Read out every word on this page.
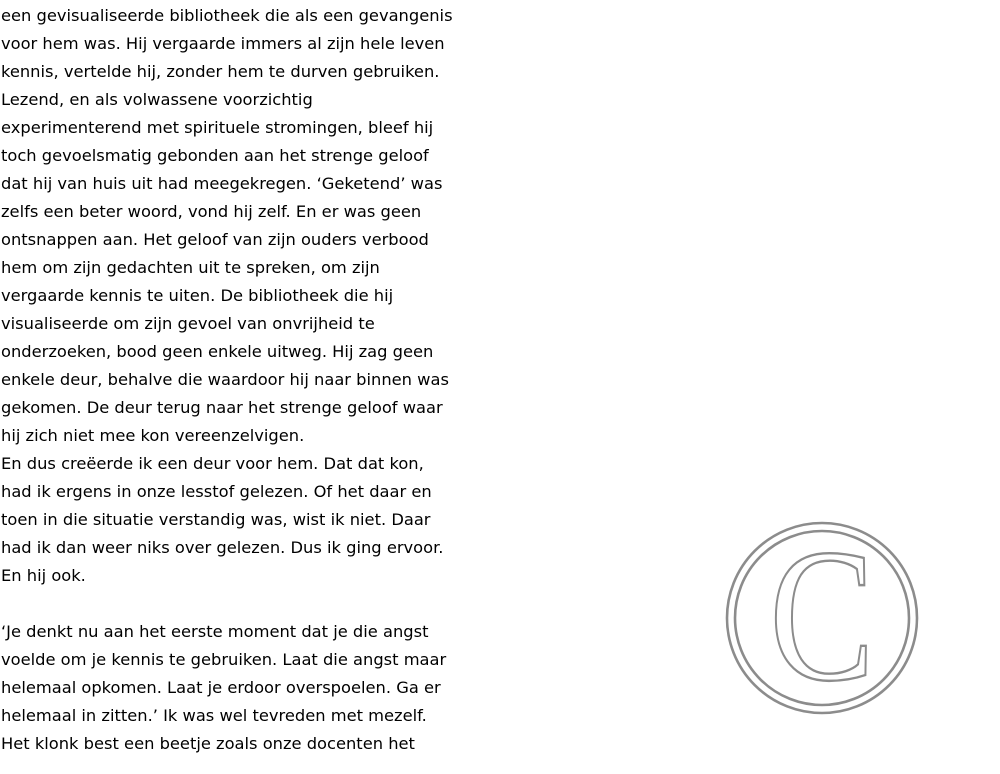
een gevisualiseerde bibliotheek die als een gevangenis
voor hem was. Hij vergaarde immers al zijn hele leven
kennis, vertelde hij, zonder hem te durven gebruiken.
Lezend, en als volwassene voorzichtig
experimenterend met spirituele stromingen, bleef hij
toch gevoelsmatig gebonden aan het strenge geloof
dat hij van huis uit had meegekregen. ‘Geketend’ was
zelfs een beter woord, vond hij zelf. En er was geen
ontsnappen aan. Het geloof van zijn ouders verbood
hem om zijn gedachten uit te spreken, om zijn
vergaarde kennis te uiten. De bibliotheek die hij
visualiseerde om zijn gevoel van onvrijheid te
onderzoeken, bood geen enkele uitweg. Hij zag geen
enkele deur, behalve die waardoor hij naar binnen was
gekomen. De deur terug naar het strenge geloof waar
hij zich niet mee kon vereenzelvigen.
En dus creëerde ik een deur voor hem. Dat dat kon,
had ik ergens in onze lesstof gelezen. Of het daar en
toen in die situatie verstandig was, wist ik niet. Daar
had ik dan weer niks over gelezen. Dus ik ging ervoor.
En hij ook.
‘Je denkt nu aan het eerste moment dat je die angst
voelde om je kennis te gebruiken. Laat die angst maar
helemaal opkomen. Laat je erdoor overspoelen. Ga er
helemaal in zitten.’ Ik was wel tevreden met mezelf.
Het klonk best een beetje zoals onze docenten het
C
